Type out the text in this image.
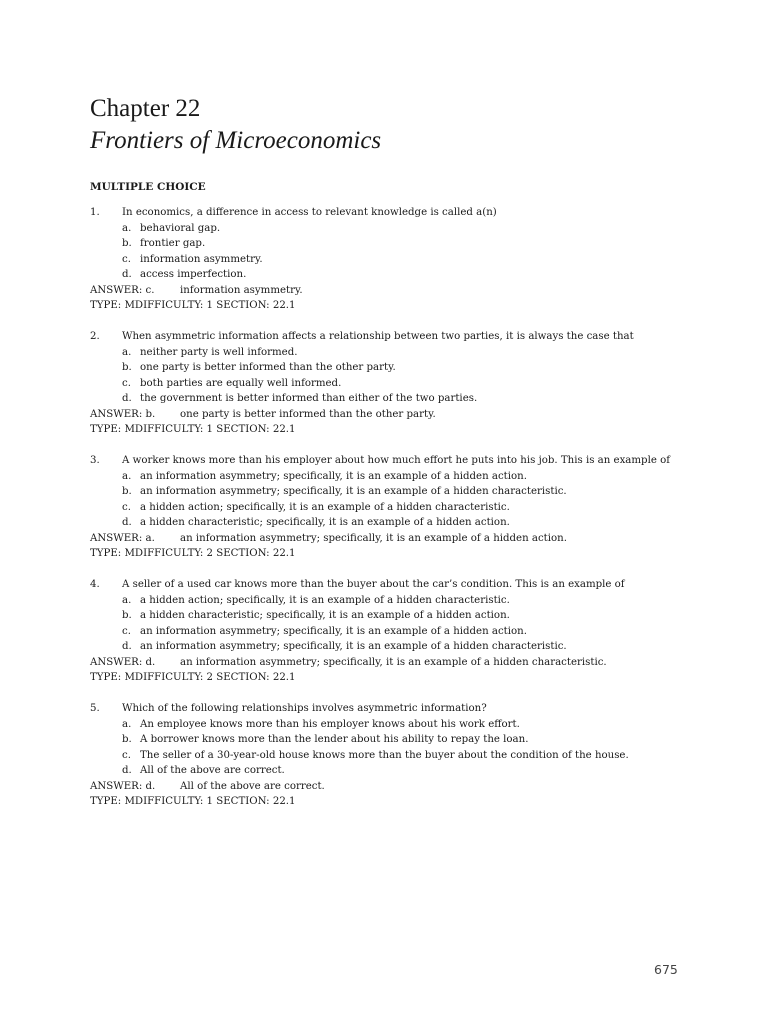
Chapter 22
Frontiers of Microeconomics
MULTIPLE CHOICE
1.	In economics, a difference in access to relevant knowledge is called a(n)
a. behavioral gap.
b. frontier gap.
c. information asymmetry.
d. access imperfection.
ANSWER: c.	information asymmetry.
TYPE: MDIFFICULTY: 1 SECTION: 22.1
2.	When asymmetric information affects a relationship between two parties, it is always the case that
a. neither party is well informed.
b. one party is better informed than the other party.
c. both parties are equally well informed.
d. the government is better informed than either of the two parties.
ANSWER: b.	one party is better informed than the other party.
TYPE: MDIFFICULTY: 1 SECTION: 22.1
3.	A worker knows more than his employer about how much effort he puts into his job. This is an example of
a. an information asymmetry; specifically, it is an example of a hidden action.
b. an information asymmetry; specifically, it is an example of a hidden characteristic.
c. a hidden action; specifically, it is an example of a hidden characteristic.
d. a hidden characteristic; specifically, it is an example of a hidden action.
ANSWER: a.	an information asymmetry; specifically, it is an example of a hidden action.
TYPE: MDIFFICULTY: 2 SECTION: 22.1
4.	A seller of a used car knows more than the buyer about the car’s condition. This is an example of
a. a hidden action; specifically, it is an example of a hidden characteristic.
b. a hidden characteristic; specifically, it is an example of a hidden action.
c. an information asymmetry; specifically, it is an example of a hidden action.
d. an information asymmetry; specifically, it is an example of a hidden characteristic.
ANSWER: d.	an information asymmetry; specifically, it is an example of a hidden characteristic.
TYPE: MDIFFICULTY: 2 SECTION: 22.1
5.	Which of the following relationships involves asymmetric information?
a. An employee knows more than his employer knows about his work effort.
b. A borrower knows more than the lender about his ability to repay the loan.
c. The seller of a 30-year-old house knows more than the buyer about the condition of the house.
d. All of the above are correct.
ANSWER: d.	All of the above are correct.
TYPE: MDIFFICULTY: 1 SECTION: 22.1
675
